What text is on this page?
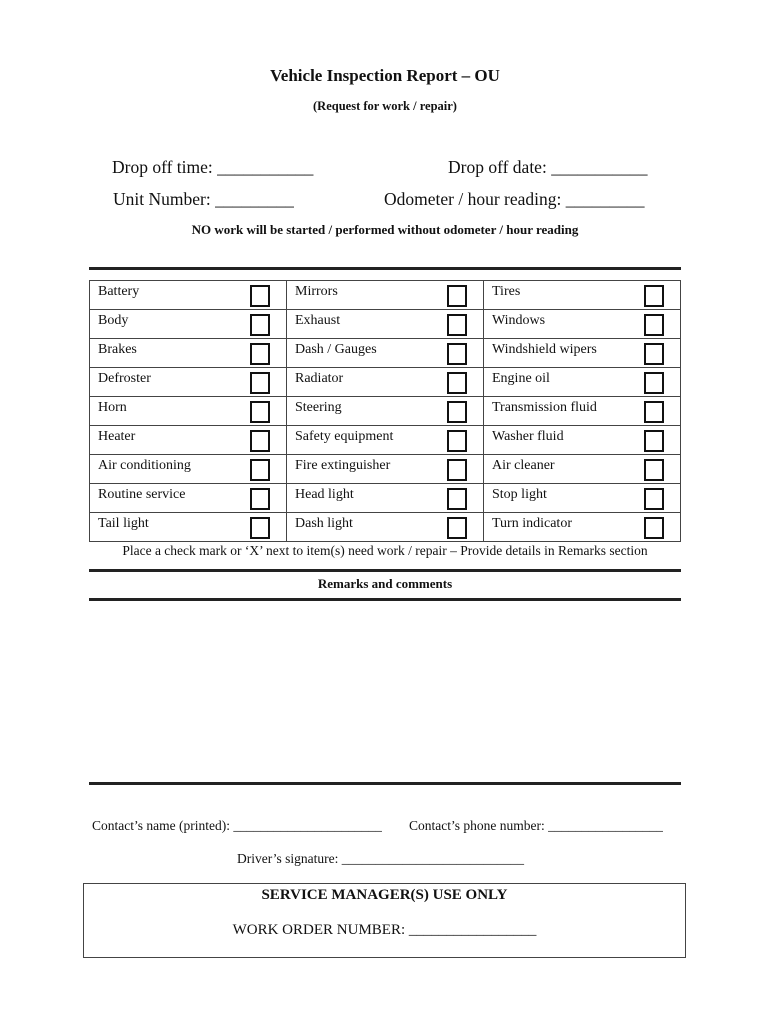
Vehicle Inspection Report – OU
(Request for work / repair)
Drop off time: ___________	Drop off date: ___________
Unit Number: _________	Odometer / hour reading: _________
NO work will be started / performed without odometer / hour reading
Battery	Mirrors	Tires

Body	Exhaust	Windows

Brakes	Dash / Gauges	Windshield wipers

Defroster	Radiator	Engine oil

Horn	Steering	Transmission fluid

Heater	Safety equipment	Washer fluid

Air conditioning	Fire extinguisher	Air cleaner

Routine service	Head light	Stop light

Tail light	Dash light	Turn indicator
Place a check mark or ‘X’ next to item(s) need work / repair – Provide details in Remarks section
Remarks and comments
Contact’s name (printed): ______________________ Contact’s phone number: _________________
Driver’s signature: ___________________________
SERVICE MANAGER(S) USE ONLY
WORK ORDER NUMBER: _________________
